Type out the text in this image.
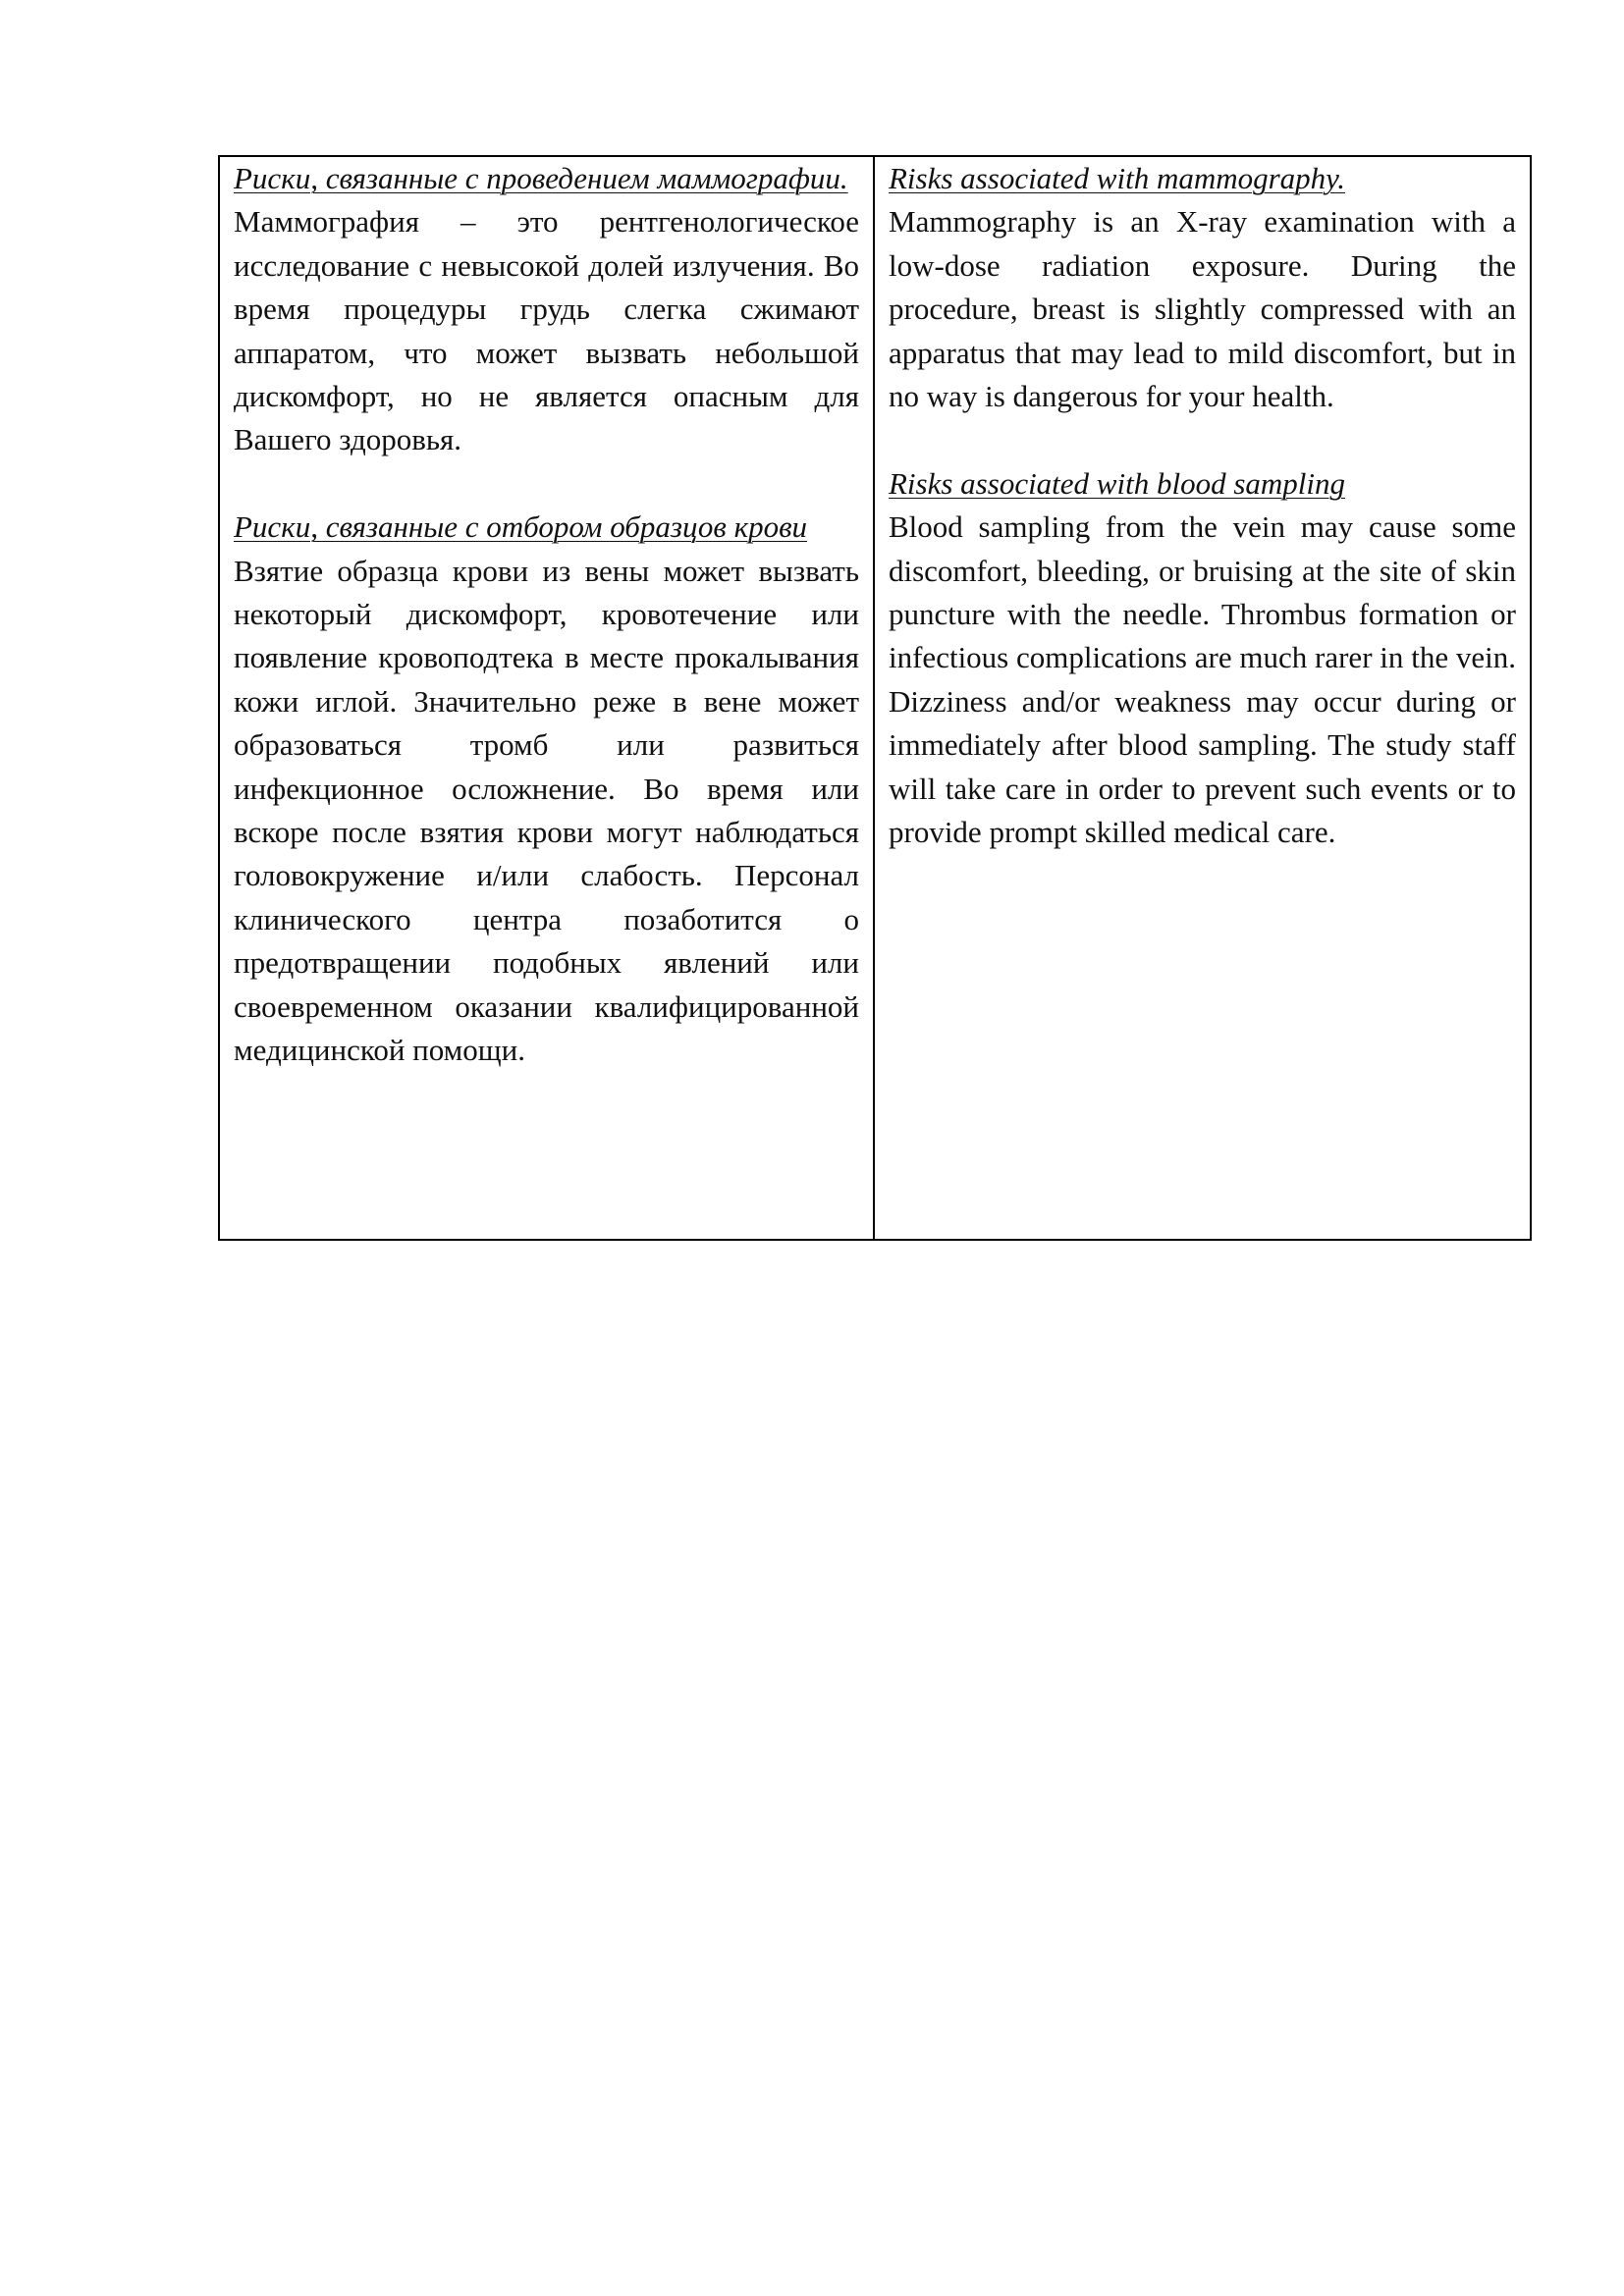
Риски, связанные с проведением маммографии.
Маммография – это рентгенологическое исследование с невысокой долей излучения. Во время процедуры грудь слегка сжимают аппаратом, что может вызвать небольшой дискомфорт, но не является опасным для Вашего здоровья.
Риски, связанные с отбором образцов крови
Взятие образца крови из вены может вызвать некоторый дискомфорт, кровотечение или появление кровоподтека в месте прокалывания кожи иглой. Значительно реже в вене может образоваться тромб или развиться инфекционное осложнение. Во время или вскоре после взятия крови могут наблюдаться головокружение и/или слабость. Персонал клинического центра позаботится о предотвращении подобных явлений или своевременном оказании квалифицированной медицинской помощи.
Risks associated with mammography.
Mammography is an X-ray examination with a low-dose radiation exposure. During the procedure, breast is slightly compressed with an apparatus that may lead to mild discomfort, but in no way is dangerous for your health.
Risks associated with blood sampling
Blood sampling from the vein may cause some discomfort, bleeding, or bruising at the site of skin puncture with the needle. Thrombus formation or infectious complications are much rarer in the vein. Dizziness and/or weakness may occur during or immediately after blood sampling. The study staff will take care in order to prevent such events or to provide prompt skilled medical care.
